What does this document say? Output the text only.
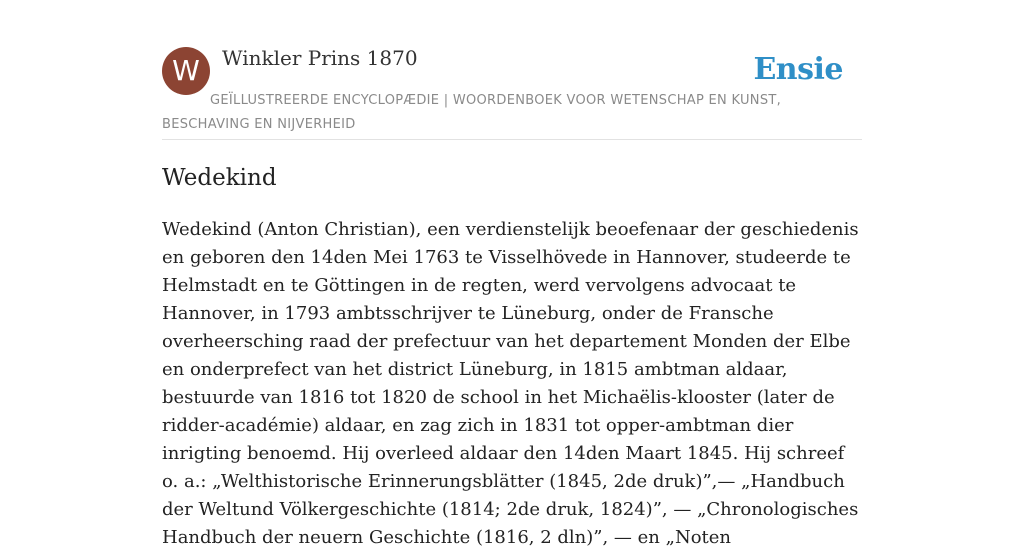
W	Winkler Prins 1870	Ensie
GEÏLLUSTREERDE ENCYCLOPÆDIE | WOORDENBOEK VOOR WETENSCHAP EN KUNST, BESCHAVING EN NIJVERHEID
Wedekind

Wedekind (Anton Christian), een verdienstelijk beoefenaar der geschiedenis en geboren den 14den Mei 1763 te Visselhövede in Hannover, studeerde te Helmstadt en te Göttingen in de regten, werd vervolgens advocaat te Hannover, in 1793 ambtsschrijver te Lüneburg, onder de Fransche overheersching raad der prefectuur van het departement Monden der Elbe en onderprefect van het district Lüneburg, in 1815 ambtman aldaar, bestuurde van 1816 tot 1820 de school in het Michaëlis-klooster (later de ridder-académie) aldaar, en zag zich in 1831 tot opper-ambtman dier inrigting benoemd. Hij overleed aldaar den 14den Maart 1845. Hij schreef o. a.: „Welthistorische Erinnerungsblätter (1845, 2de druk)”,— „Handbuch der Weltund Völkergeschichte (1814; 2de druk, 1824)”, — „Chronologisches Handbuch der neuern Geschichte (1816, 2 dln)”, — en „Noten
